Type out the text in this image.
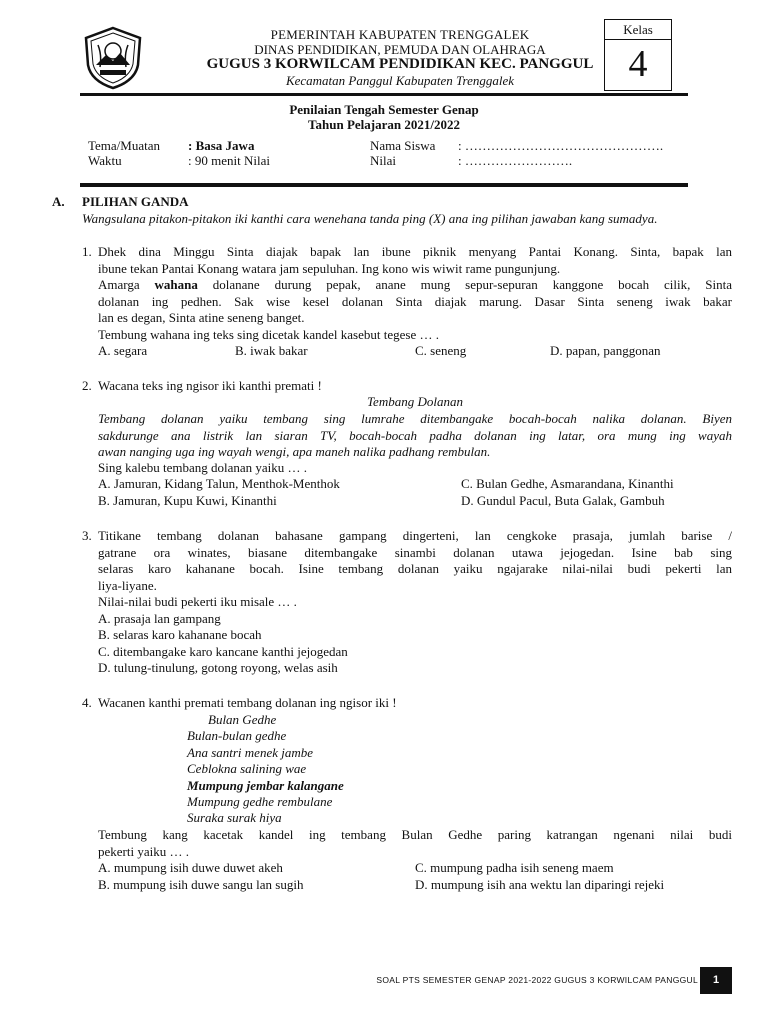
PEMERINTAH KABUPATEN TRENGGALEK
DINAS PENDIDIKAN, PEMUDA DAN OLAHRAGA
GUGUS 3 KORWILCAM PENDIDIKAN KEC. PANGGUL
Kecamatan Panggul Kabupaten Trenggalek
Kelas
4
Penilaian Tengah Semester Genap
Tahun Pelajaran 2021/2022
Tema/Muatan : Basa Jawa
Waktu	: 90 menit Nilai
Nama Siswa : ……………………………………….
Nilai	: …………………….
A. PILIHAN GANDA
Wangsulana pitakon-pitakon iki kanthi cara wenehana tanda ping (X) ana ing pilihan jawaban kang sumadya.
1. Dhek dina Minggu Sinta diajak bapak lan ibune piknik menyang Pantai Konang. Sinta, bapak lan
ibune tekan Pantai Konang watara jam sepuluhan. Ing kono wis wiwit rame pungunjung.
Amarga wahana dolanane durung pepak, anane mung sepur-sepuran kanggone bocah cilik, Sinta
dolanan ing pedhen. Sak wise kesel dolanan Sinta diajak marung. Dasar Sinta seneng iwak bakar
lan es degan, Sinta atine seneng banget.
Tembung wahana ing teks sing dicetak kandel kasebut tegese … .
A. segara	B. iwak bakar	C. seneng	D. papan, panggonan
2. Wacana teks ing ngisor iki kanthi premati !
Tembang Dolanan
Tembang dolanan yaiku tembang sing lumrahe ditembangake bocah-bocah nalika dolanan. Biyen
sakdurunge ana listrik lan siaran TV, bocah-bocah padha dolanan ing latar, ora mung ing wayah
awan nanging uga ing wayah wengi, apa maneh nalika padhang rembulan.
Sing kalebu tembang dolanan yaiku … .
A. Jamuran, Kidang Talun, Menthok-Menthok
B. Jamuran, Kupu Kuwi, Kinanthi
C. Bulan Gedhe, Asmarandana, Kinanthi
D. Gundul Pacul, Buta Galak, Gambuh
3. Titikane tembang dolanan bahasane gampang dingerteni, lan cengkoke prasaja, jumlah barise /
gatrane ora winates, biasane ditembangake sinambi dolanan utawa jejogedan. Isine bab sing
selaras karo kahanane bocah. Isine tembang dolanan yaiku ngajarake nilai-nilai budi pekerti lan
liya-liyane.
Nilai-nilai budi pekerti iku misale … .
A. prasaja lan gampang
B. selaras karo kahanane bocah
C. ditembangake karo kancane kanthi jejogedan
D. tulung-tinulung, gotong royong, welas asih
4. Wacanen kanthi premati tembang dolanan ing ngisor iki !
Bulan Gedhe
Bulan-bulan gedhe
Ana santri menek jambe
Ceblokna salining wae
Mumpung jembar kalangane
Mumpung gedhe rembulane
Suraka surak hiya
Tembung kang kacetak kandel ing tembang Bulan Gedhe paring katrangan ngenani nilai budi
pekerti yaiku … .
A. mumpung isih duwe duwet akeh
B. mumpung isih duwe sangu lan sugih
C. mumpung padha isih seneng maem
D. mumpung isih ana wektu lan diparingi rejeki
SOAL PTS SEMESTER GENAP 2021-2022 GUGUS 3 KORWILCAM PANGGUL	1
